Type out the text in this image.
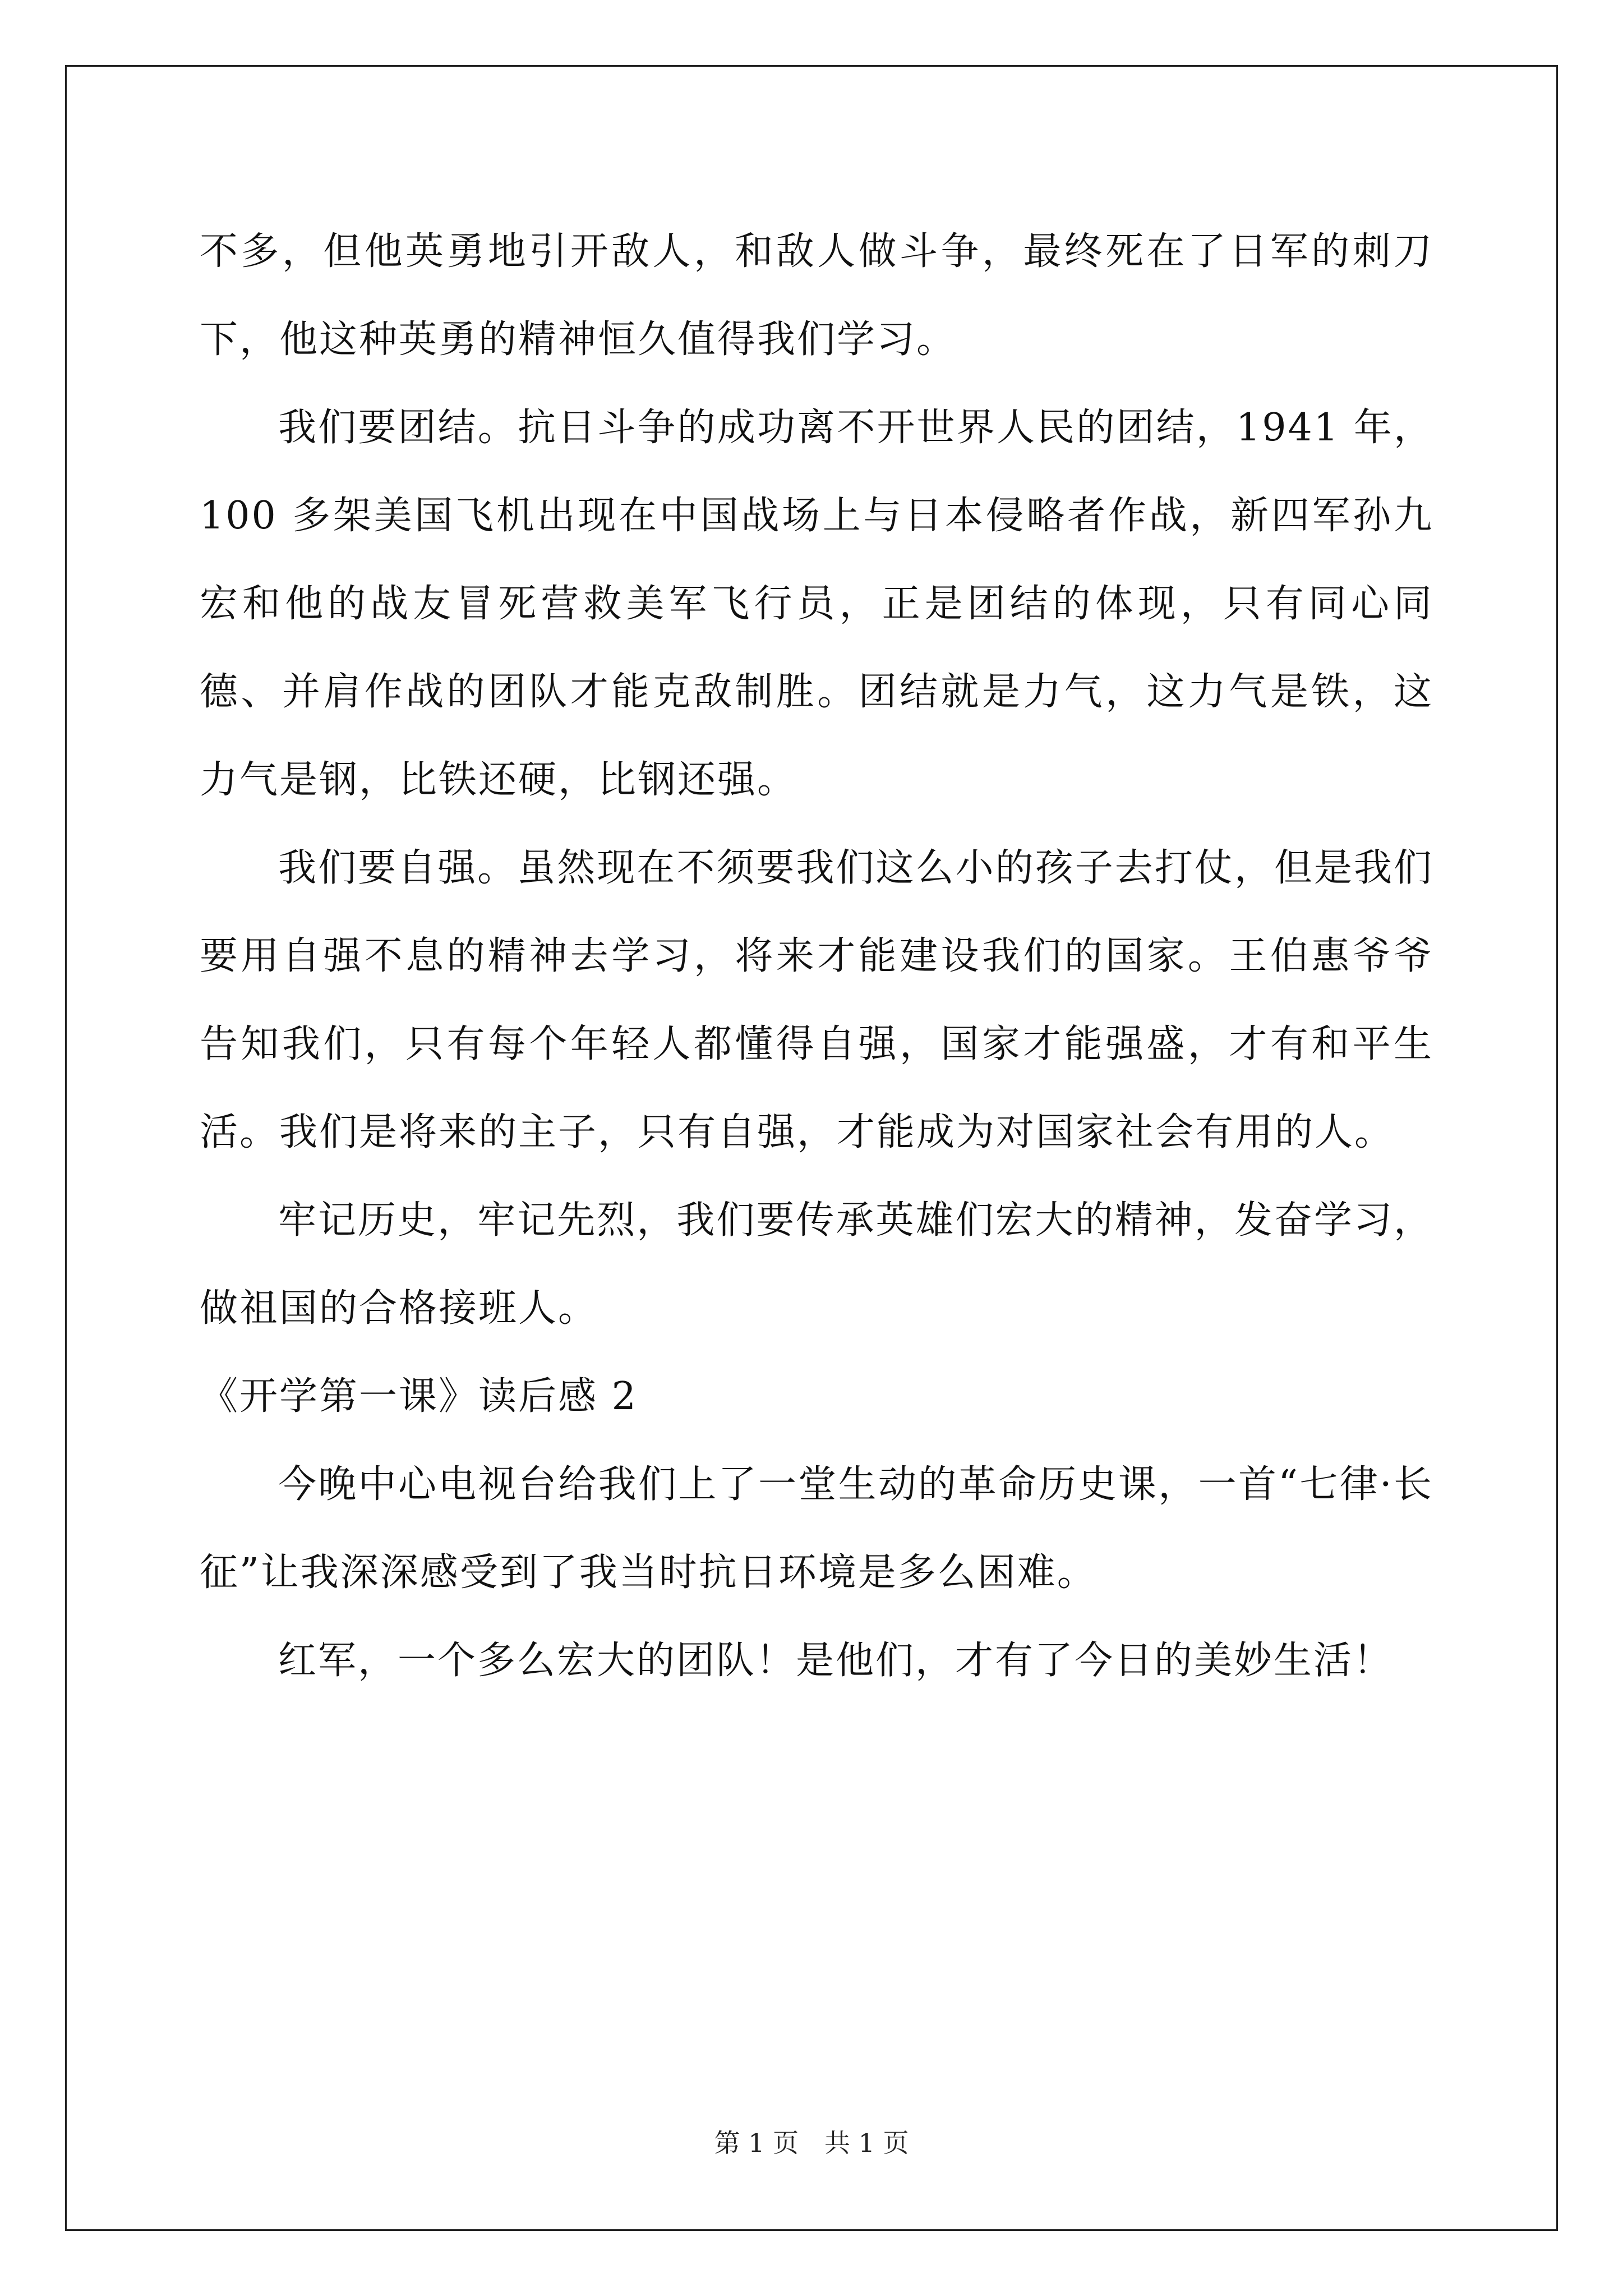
不多，但他英勇地引开敌人，和敌人做斗争，最终死在了日军的刺刀下，他这种英勇的精神恒久值得我们学习。

我们要团结。抗日斗争的成功离不开世界人民的团结，1941 年，100 多架美国飞机出现在中国战场上与日本侵略者作战，新四军孙九宏和他的战友冒死营救美军飞行员，正是团结的体现，只有同心同德、并肩作战的团队才能克敌制胜。团结就是力气，这力气是铁，这力气是钢，比铁还硬，比钢还强。

我们要自强。虽然现在不须要我们这么小的孩子去打仗，但是我们要用自强不息的精神去学习，将来才能建设我们的国家。王伯惠爷爷告知我们，只有每个年轻人都懂得自强，国家才能强盛，才有和平生活。我们是将来的主子，只有自强，才能成为对国家社会有用的人。

牢记历史，牢记先烈，我们要传承英雄们宏大的精神，发奋学习，做祖国的合格接班人。

《开学第一课》读后感 2

今晚中心电视台给我们上了一堂生动的革命历史课，一首“七律·长征”让我深深感受到了我当时抗日环境是多么困难。

红军，一个多么宏大的团队！是他们，才有了今日的美妙生活！

第 1 页　共 1 页
